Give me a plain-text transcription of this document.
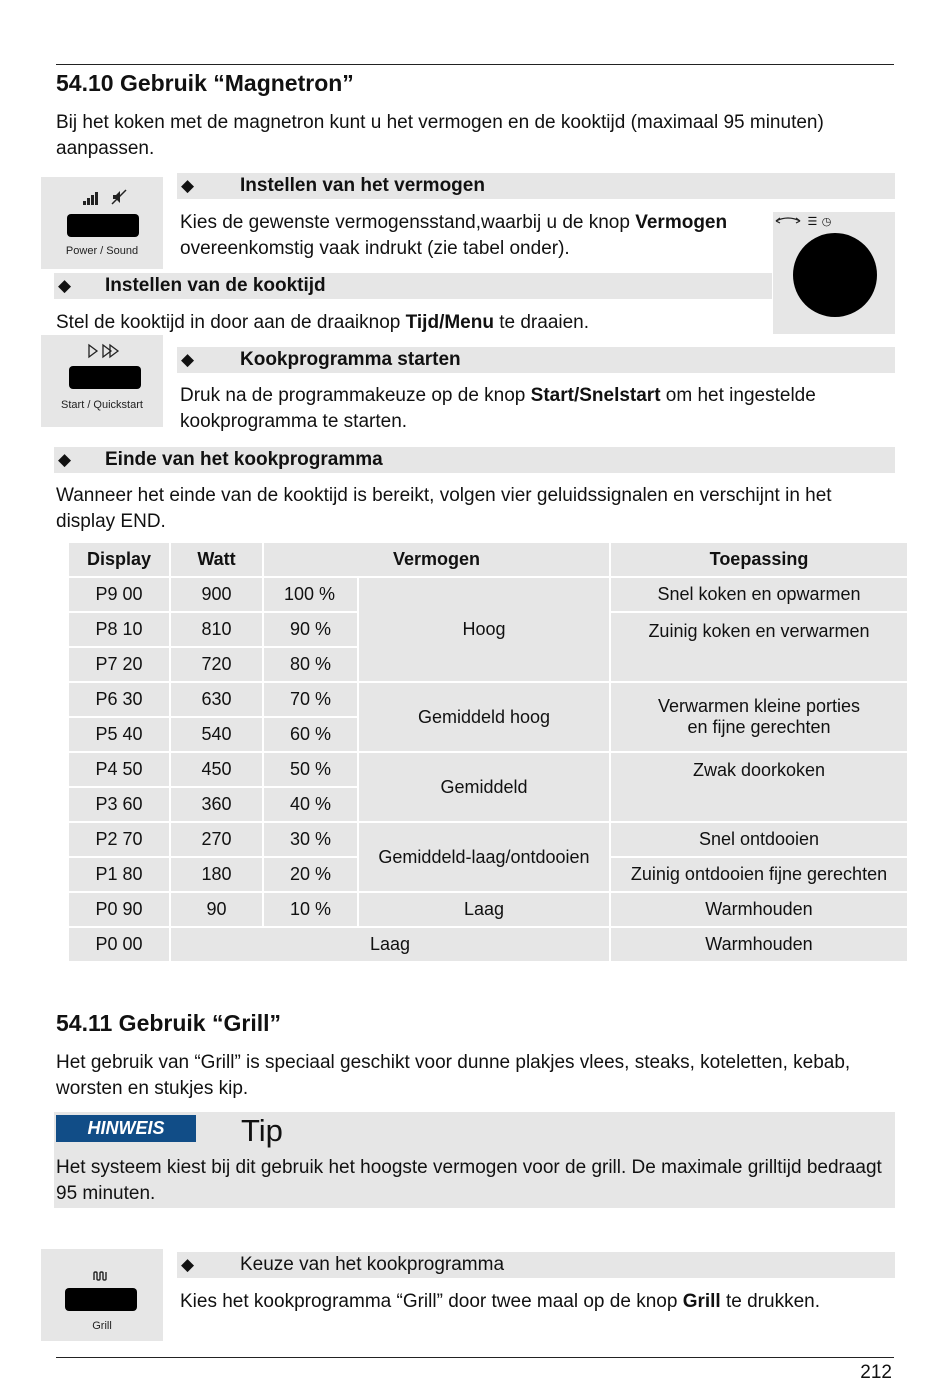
54.10 Gebruik “Magnetron”

Bij het koken met de magnetron kunt u het vermogen en de kooktijd (maximaal 95 minuten) aanpassen.

Power / Sound
◆ Instellen van het vermogen

Kies de gewenste vermogensstand,waarbij u de knop Vermogen
overeenkomstig vaak indrukt (zie tabel onder).

☰ ◷
◆ Instellen van de kooktijd

Stel de kooktijd in door aan de draaiknop Tijd/Menu te draaien.

Start / Quickstart
◆ Kookprogramma starten

Druk na de programmakeuze op de knop Start/Snelstart om het ingestelde
kookprogramma te starten.

◆ Einde van het kookprogramma

Wanneer het einde van de kooktijd is bereikt, volgen vier geluidssignalen en verschijnt in het display END.

Display	Watt	Vermogen		Toepassing
P9 00	900	100 %	Hoog	Snel koken en opwarmen
P8 10	810	90 %		Zuinig koken en verwarmen
P7 20	720	80 %		
P6 30	630	70 %	Gemiddeld hoog	Verwarmen kleine porties en fijne gerechten
P5 40	540	60 %		
P4 50	450	50 %	Gemiddeld	Zwak doorkoken
P3 60	360	40 %		
P2 70	270	30 %	Gemiddeld-laag/ontdooien	Snel ontdooien
P1 80	180	20 %		Zuinig ontdooien fijne gerechten
P0 90	90	10 %	Laag	Warmhouden
P0 00	Laag			Warmhouden
54.11 Gebruik “Grill”

Het gebruik van “Grill” is speciaal geschikt voor dunne plakjes vlees, steaks, koteletten, kebab, worsten en stukjes kip.

HINWEIS	Tip

Het systeem kiest bij dit gebruik het hoogste vermogen voor de grill. De maximale grilltijd bedraagt 95 minuten.

Grill
◆ Keuze van het kookprogramma

Kies het kookprogramma “Grill” door twee maal op de knop Grill te drukken.

212
